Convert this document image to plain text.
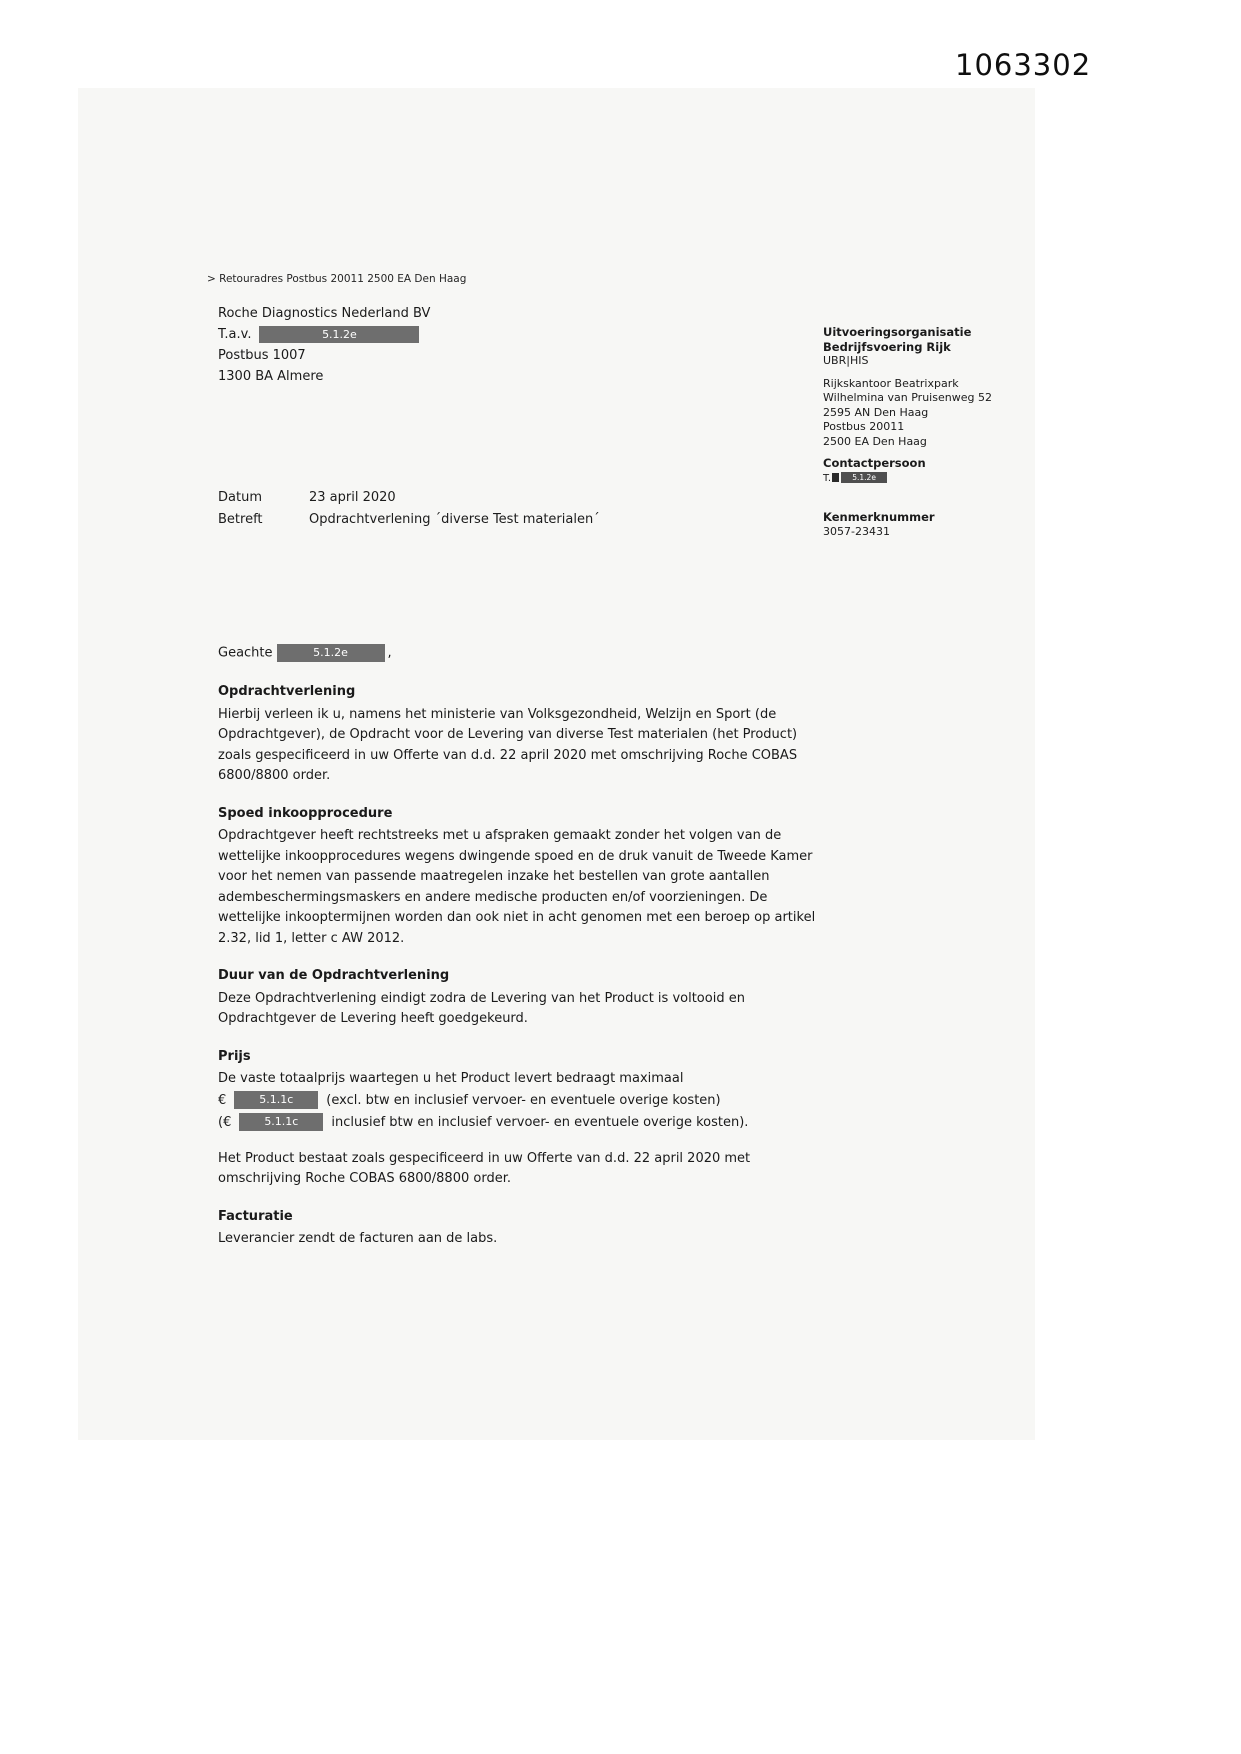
1063302
> Retouradres Postbus 20011 2500 EA Den Haag
Roche Diagnostics Nederland BV
T.a.v.	5.1.2e
Postbus 1007
1300 BA Almere
Datum	23 april 2020
Betreft	Opdrachtverlening ´diverse Test materialen´
Geachte	5.1.2e	,
Opdrachtverlening
Hierbij verleen ik u, namens het ministerie van Volksgezondheid, Welzijn en Sport (de Opdrachtgever), de Opdracht voor de Levering van diverse Test materialen (het Product) zoals gespecificeerd in uw Offerte van d.d. 22 april 2020 met omschrijving Roche COBAS 6800/8800 order.
Spoed inkoopprocedure
Opdrachtgever heeft rechtstreeks met u afspraken gemaakt zonder het volgen van de wettelijke inkoopprocedures wegens dwingende spoed en de druk vanuit de Tweede Kamer voor het nemen van passende maatregelen inzake het bestellen van grote aantallen adembeschermingsmaskers en andere medische producten en/of voorzieningen. De wettelijke inkooptermijnen worden dan ook niet in acht genomen met een beroep op artikel 2.32, lid 1, letter c AW 2012.
Duur van de Opdrachtverlening
Deze Opdrachtverlening eindigt zodra de Levering van het Product is voltooid en Opdrachtgever de Levering heeft goedgekeurd.
Prijs
De vaste totaalprijs waartegen u het Product levert bedraagt maximaal
€	5.1.1c	(excl. btw en inclusief vervoer- en eventuele overige kosten)
(€	5.1.1c	inclusief btw en inclusief vervoer- en eventuele overige kosten).
Het Product bestaat zoals gespecificeerd in uw Offerte van d.d. 22 april 2020 met omschrijving Roche COBAS 6800/8800 order.
Facturatie
Leverancier zendt de facturen aan de labs.
Uitvoeringsorganisatie
Bedrijfsvoering Rijk
UBR|HIS
Rijkskantoor Beatrixpark
Wilhelmina van Pruisenweg 52
2595 AN Den Haag
Postbus 20011
2500 EA Den Haag
Contactpersoon
T.	5.1.2e
Kenmerknummer
3057-23431
